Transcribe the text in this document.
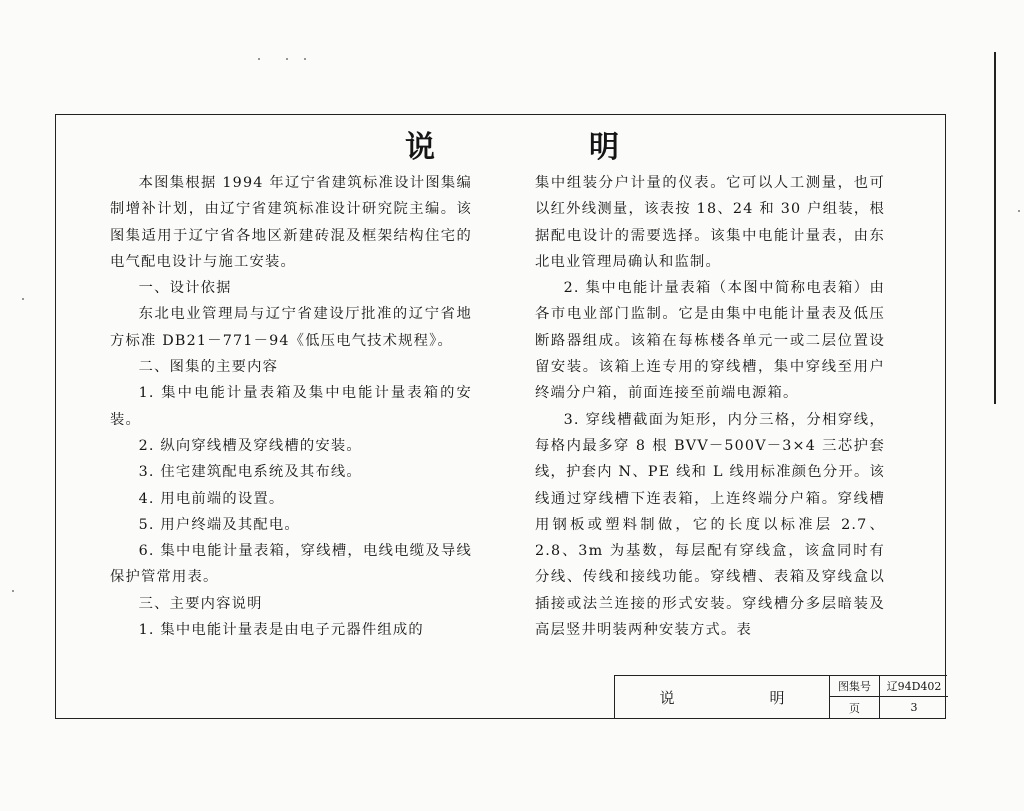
说　明

本图集根据 1994 年辽宁省建筑标准设计图集编制增补计划，由辽宁省建筑标准设计研究院主编。该图集适用于辽宁省各地区新建砖混及框架结构住宅的电气配电设计与施工安装。

一、设计依据

东北电业管理局与辽宁省建设厅批准的辽宁省地方标准 DB21－771－94《低压电气技术规程》。

二、图集的主要内容

1. 集中电能计量表箱及集中电能计量表箱的安装。

2. 纵向穿线槽及穿线槽的安装。

3. 住宅建筑配电系统及其布线。

4. 用电前端的设置。

5. 用户终端及其配电。

6. 集中电能计量表箱，穿线槽，电线电缆及导线保护管常用表。

三、主要内容说明

1. 集中电能计量表是由电子元器件组成的

集中组装分户计量的仪表。它可以人工测量，也可以红外线测量，该表按 18、24 和 30 户组装，根据配电设计的需要选择。该集中电能计量表，由东北电业管理局确认和监制。

2. 集中电能计量表箱（本图中简称电表箱）由各市电业部门监制。它是由集中电能计量表及低压断路器组成。该箱在每栋楼各单元一或二层位置设留安装。该箱上连专用的穿线槽，集中穿线至用户终端分户箱，前面连接至前端电源箱。

3. 穿线槽截面为矩形，内分三格，分相穿线，每格内最多穿 8 根 BVV－500V－3×4 三芯护套线，护套内 N、PE 线和 L 线用标准颜色分开。该线通过穿线槽下连表箱，上连终端分户箱。穿线槽用钢板或塑料制做，它的长度以标准层 2.7、2.8、3m 为基数，每层配有穿线盒，该盒同时有分线、传线和接线功能。穿线槽、表箱及穿线盒以插接或法兰连接的形式安装。穿线槽分多层暗装及高层竖井明装两种安装方式。表

说　明
图集号	辽94D402
页	3
